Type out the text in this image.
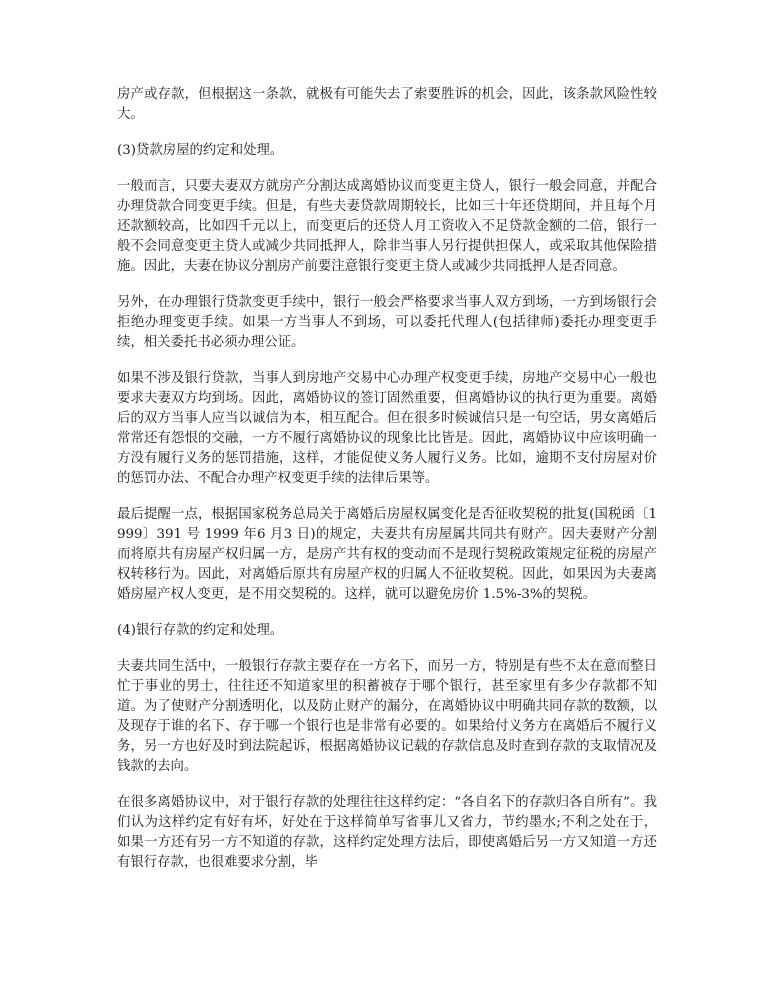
房产或存款，但根据这一条款，就极有可能失去了索要胜诉的机会，因此，该条款风险性较大。

(3)贷款房屋的约定和处理。

一般而言，只要夫妻双方就房产分割达成离婚协议而变更主贷人，银行一般会同意，并配合办理贷款合同变更手续。但是，有些夫妻贷款周期较长，比如三十年还贷期间，并且每个月还款额较高，比如四千元以上，而变更后的还贷人月工资收入不足贷款金额的二倍，银行一般不会同意变更主贷人或减少共同抵押人，除非当事人另行提供担保人，或采取其他保险措施。因此，夫妻在协议分割房产前要注意银行变更主贷人或减少共同抵押人是否同意。

另外，在办理银行贷款变更手续中，银行一般会严格要求当事人双方到场，一方到场银行会拒绝办理变更手续。如果一方当事人不到场，可以委托代理人(包括律师)委托办理变更手续，相关委托书必须办理公证。

如果不涉及银行贷款，当事人到房地产交易中心办理产权变更手续，房地产交易中心一般也要求夫妻双方均到场。因此，离婚协议的签订固然重要，但离婚协议的执行更为重要。离婚后的双方当事人应当以诚信为本，相互配合。但在很多时候诚信只是一句空话，男女离婚后常常还有怨恨的交融，一方不履行离婚协议的现象比比皆是。因此，离婚协议中应该明确一方没有履行义务的惩罚措施，这样，才能促使义务人履行义务。比如，逾期不支付房屋对价的惩罚办法、不配合办理产权变更手续的法律后果等。

最后提醒一点，根据国家税务总局关于离婚后房屋权属变化是否征收契税的批复(国税函〔1999〕391 号 1999 年6 月3 日)的规定，夫妻共有房屋属共同共有财产。因夫妻财产分割而将原共有房屋产权归属一方，是房产共有权的变动而不是现行契税政策规定征税的房屋产权转移行为。因此，对离婚后原共有房屋产权的归属人不征收契税。因此，如果因为夫妻离婚房屋产权人变更，是不用交契税的。这样，就可以避免房价 1.5%-3%的契税。

(4)银行存款的约定和处理。

夫妻共同生活中，一般银行存款主要存在一方名下，而另一方，特别是有些不太在意而整日忙于事业的男士，往往还不知道家里的积蓄被存于哪个银行，甚至家里有多少存款都不知道。为了使财产分割透明化，以及防止财产的漏分，在离婚协议中明确共同存款的数额，以及现存于谁的名下、存于哪一个银行也是非常有必要的。如果给付义务方在离婚后不履行义务，另一方也好及时到法院起诉，根据离婚协议记载的存款信息及时查到存款的支取情况及钱款的去向。

在很多离婚协议中，对于银行存款的处理往往这样约定：“各自名下的存款归各自所有”。我们认为这样约定有好有坏，好处在于这样简单写省事儿又省力，节约墨水;不利之处在于，如果一方还有另一方不知道的存款，这样约定处理方法后，即使离婚后另一方又知道一方还有银行存款，也很难要求分割，毕
